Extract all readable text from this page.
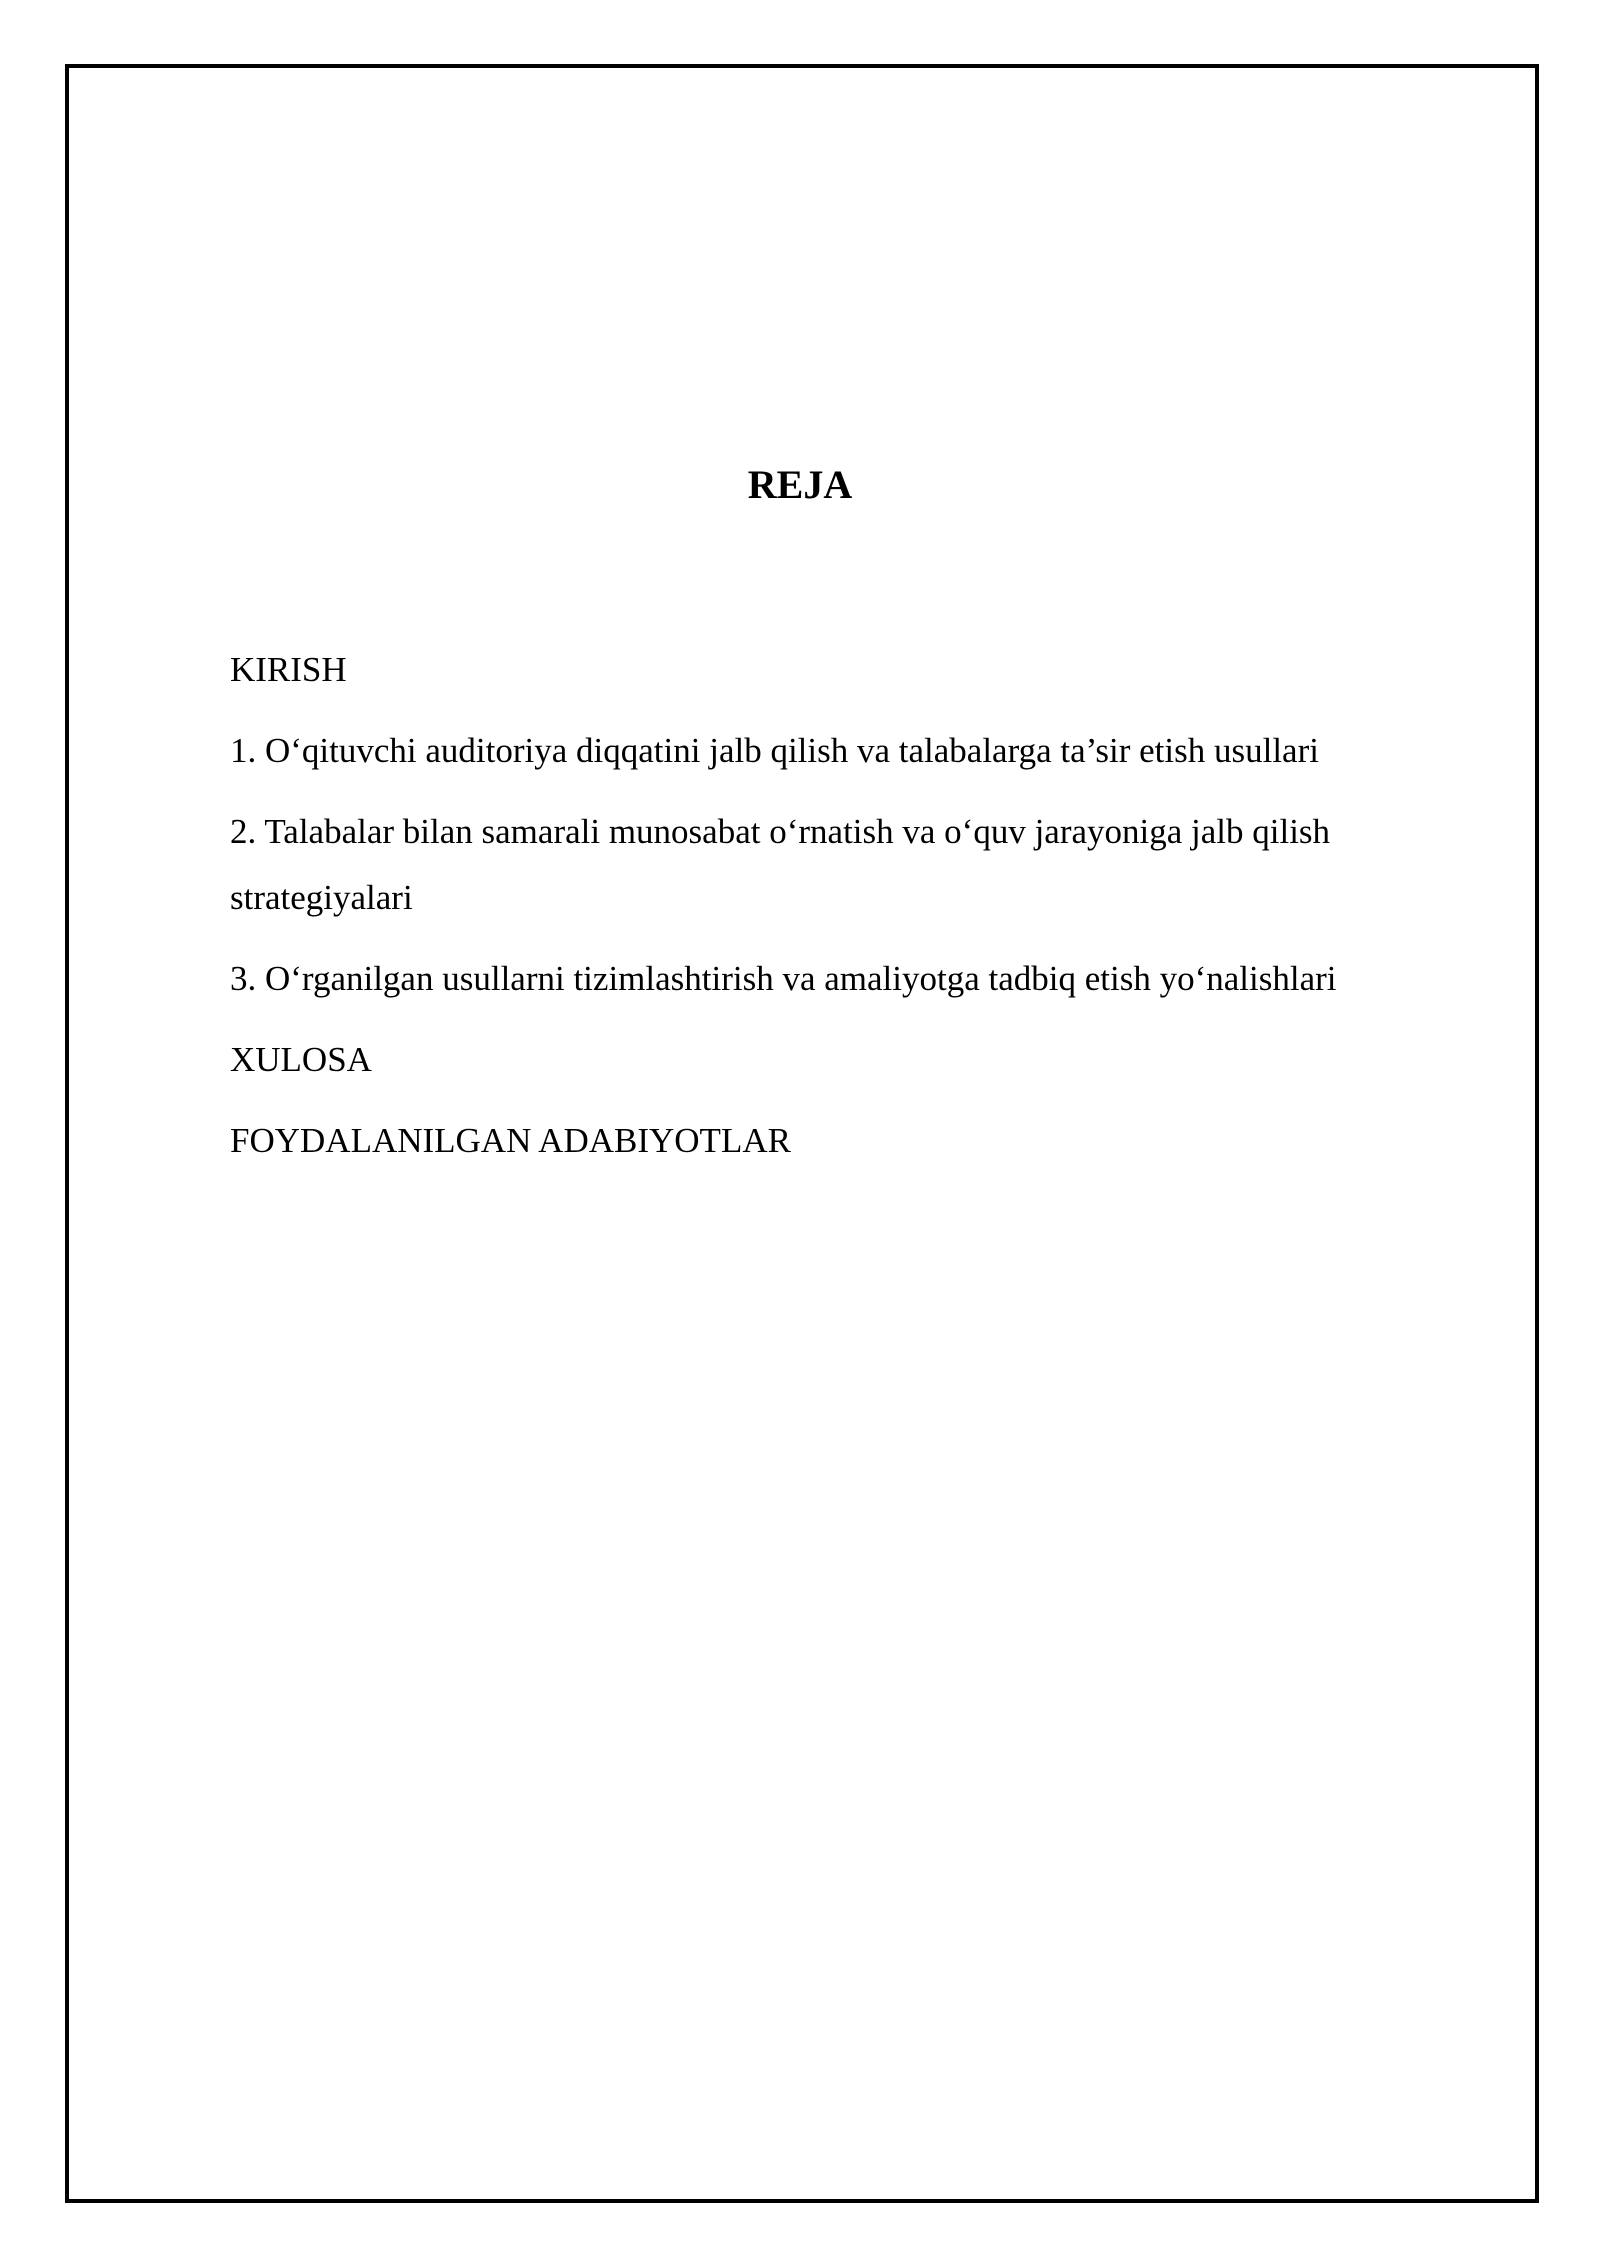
REJA
KIRISH
1. O‘qituvchi auditoriya diqqatini jalb qilish va talabalarga ta’sir etish usullari
2. Talabalar bilan samarali munosabat o‘rnatish va o‘quv jarayoniga jalb qilish strategiyalari
3. O‘rganilgan usullarni tizimlashtirish va amaliyotga tadbiq etish yo‘nalishlari
XULOSA
FOYDALANILGAN ADABIYOTLAR
